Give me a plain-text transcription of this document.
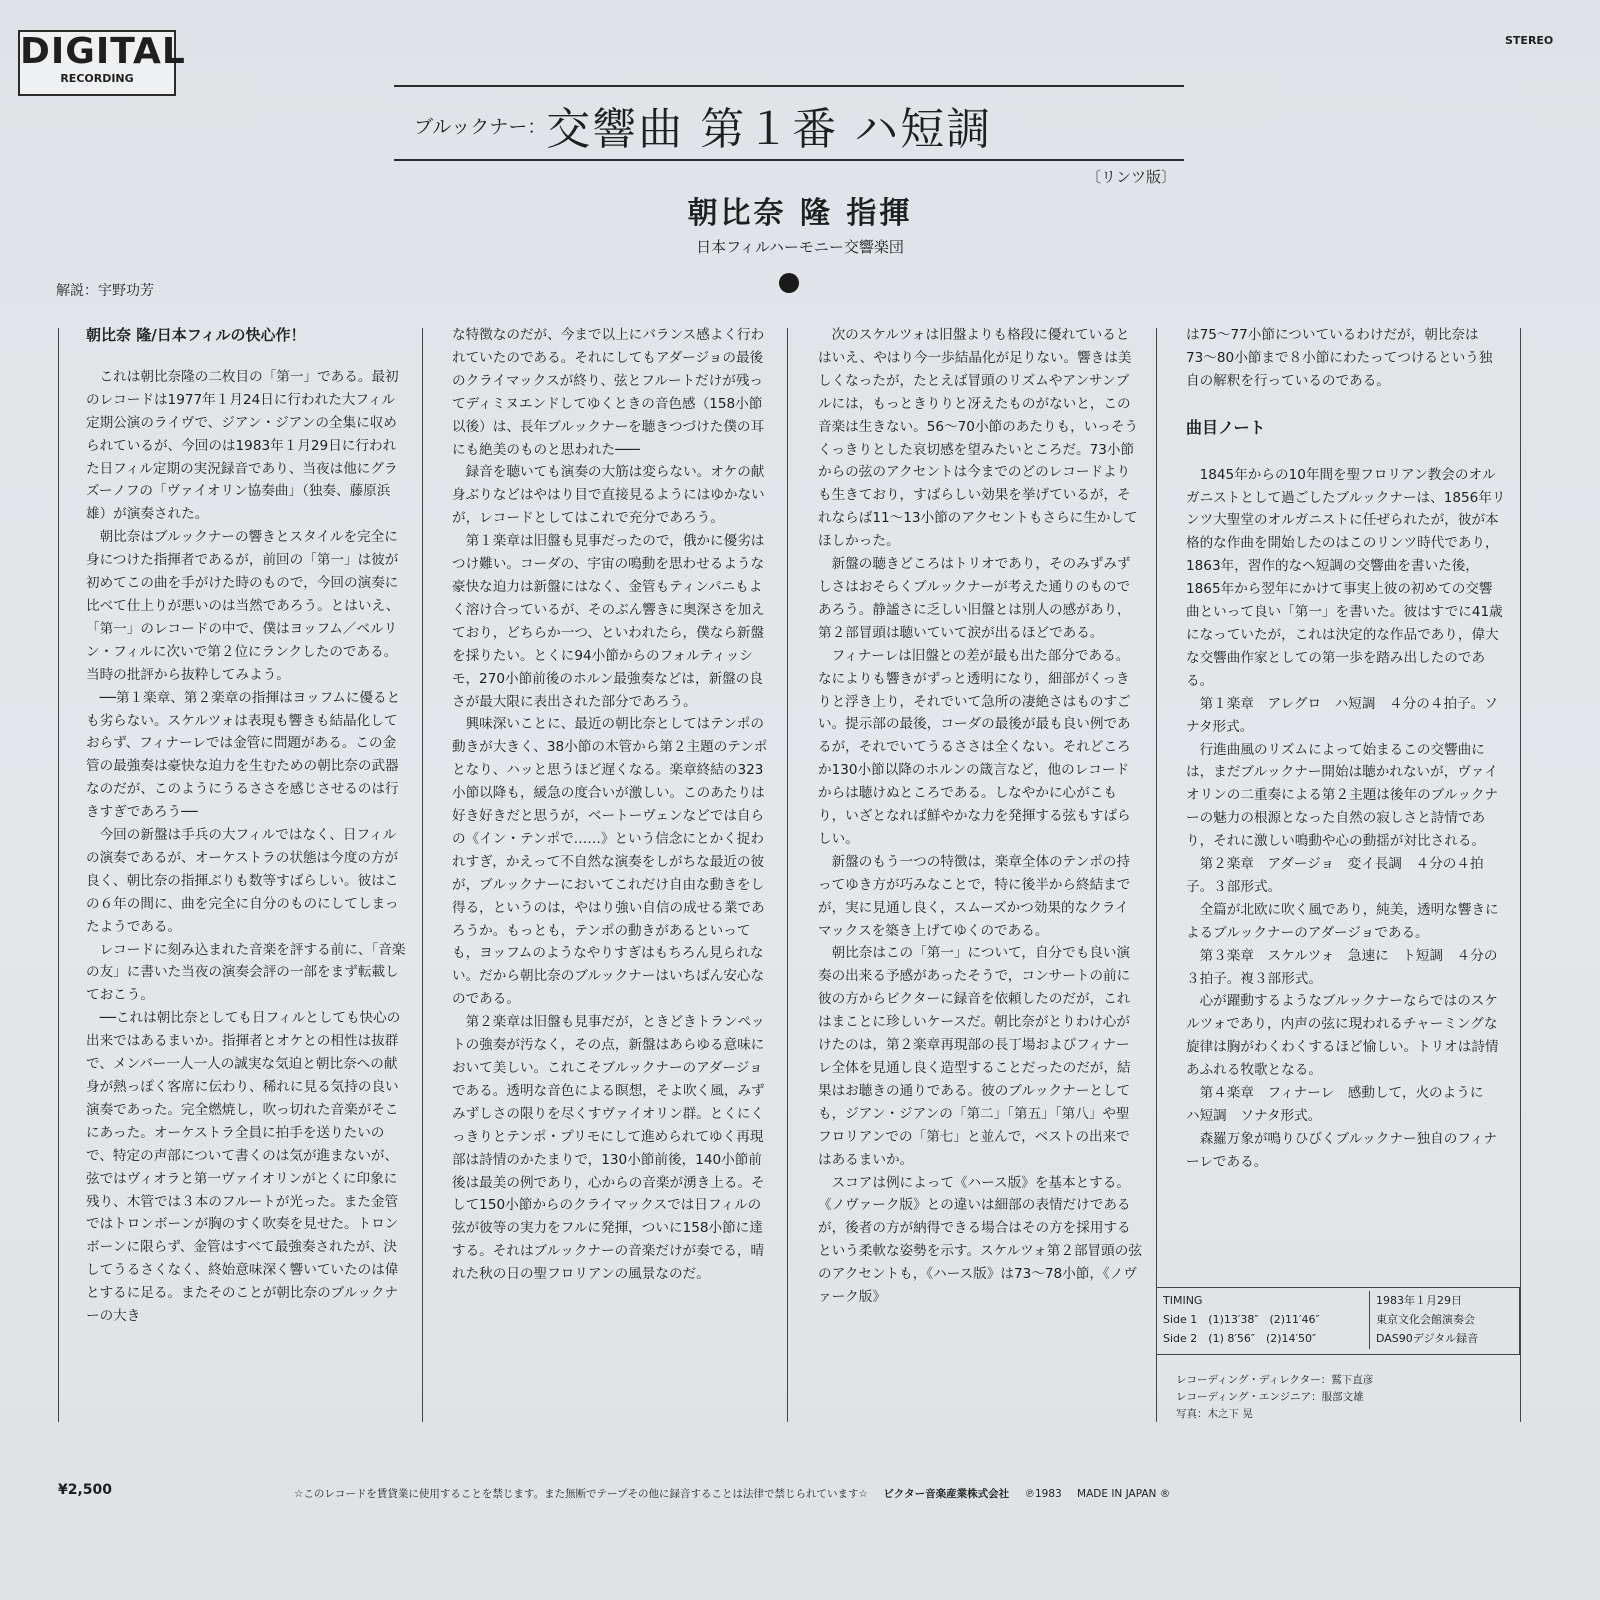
DIGITAL
RECORDING
STEREO
ブルックナー：交響曲 第１番 ハ短調
〔リンツ版〕
朝比奈 隆 指揮
日本フィルハーモニー交響楽団
解説：宇野功芳

朝比奈 隆/日本フィルの快心作！

これは朝比奈隆の二枚目の「第一」である。最初のレコードは1977年１月24日に行われた大フィル定期公演のライヴで、ジアン・ジアンの全集に収められているが、今回のは1983年１月29日に行われた日フィル定期の実況録音であり、当夜は他にグラズーノフの「ヴァイオリン協奏曲」（独奏、藤原浜雄）が演奏された。

朝比奈はブルックナーの響きとスタイルを完全に身につけた指揮者であるが，前回の「第一」は彼が初めてこの曲を手がけた時のもので，今回の演奏に比べて仕上りが悪いのは当然であろう。とはいえ、「第一」のレコードの中で、僕はヨッフム／ベルリン・フィルに次いで第２位にランクしたのである。当時の批評から抜粋してみよう。

──第１楽章、第２楽章の指揮はヨッフムに優るとも劣らない。スケルツォは表現も響きも結晶化しておらず、フィナーレでは金管に問題がある。この金管の最強奏は豪快な迫力を生むための朝比奈の武器なのだが、このようにうるささを感じさせるのは行きすぎであろう──

今回の新盤は手兵の大フィルではなく、日フィルの演奏であるが、オーケストラの状態は今度の方が良く、朝比奈の指揮ぶりも数等すばらしい。彼はこの６年の間に、曲を完全に自分のものにしてしまったようである。

レコードに刻み込まれた音楽を評する前に、「音楽の友」に書いた当夜の演奏会評の一部をまず転載しておこう。

──これは朝比奈としても日フィルとしても快心の出来ではあるまいか。指揮者とオケとの相性は抜群で、メンバー一人一人の誠実な気迫と朝比奈への献身が熱っぽく客席に伝わり、稀れに見る気持の良い演奏であった。完全燃焼し，吹っ切れた音楽がそこにあった。オーケストラ全員に拍手を送りたいので、特定の声部について書くのは気が進まないが、弦ではヴィオラと第一ヴァイオリンがとくに印象に残り、木管では３本のフルートが光った。また金管ではトロンボーンが胸のすく吹奏を見せた。トロンボーンに限らず、金管はすべて最強奏されたが、決してうるさくなく、終始意味深く響いていたのは偉とするに足る。またそのことが朝比奈のブルックナーの大き

な特徴なのだが、今まで以上にバランス感よく行われていたのである。それにしてもアダージョの最後のクライマックスが終り、弦とフルートだけが残ってディミヌエンドしてゆくときの音色感（158小節以後）は、長年ブルックナーを聴きつづけた僕の耳にも絶美のものと思われた───

録音を聴いても演奏の大筋は変らない。オケの献身ぶりなどはやはり目で直接見るようにはゆかないが，レコードとしてはこれで充分であろう。

第１楽章は旧盤も見事だったので，俄かに優劣はつけ難い。コーダの、宇宙の鳴動を思わせるような豪快な迫力は新盤にはなく、金管もティンパニもよく溶け合っているが、そのぶん響きに奥深さを加えており，どちらか一つ、といわれたら，僕なら新盤を採りたい。とくに94小節からのフォルティッシモ，270小節前後のホルン最強奏などは，新盤の良さが最大限に表出された部分であろう。

興味深いことに、最近の朝比奈としてはテンポの動きが大きく、38小節の木管から第２主題のテンポとなり、ハッと思うほど遅くなる。楽章終結の323小節以降も，緩急の度合いが激しい。このあたりは好き好きだと思うが，ベートーヴェンなどでは自らの《イン・テンポで……》という信念にとかく捉われすぎ，かえって不自然な演奏をしがちな最近の彼が，ブルックナーにおいてこれだけ自由な動きをし得る，というのは，やはり強い自信の成せる業であろうか。もっとも，テンポの動きがあるといっても，ヨッフムのようなやりすぎはもちろん見られない。だから朝比奈のブルックナーはいちばん安心なのである。

第２楽章は旧盤も見事だが，ときどきトランペットの強奏が汚なく，その点，新盤はあらゆる意味において美しい。これこそブルックナーのアダージョである。透明な音色による瞑想，そよ吹く風，みずみずしさの限りを尽くすヴァイオリン群。とくにくっきりとテンポ・プリモにして進められてゆく再現部は詩情のかたまりで，130小節前後，140小節前後は最美の例であり，心からの音楽が湧き上る。そして150小節からのクライマックスでは日フィルの弦が彼等の実力をフルに発揮，ついに158小節に達する。それはブルックナーの音楽だけが奏でる，晴れた秋の日の聖フロリアンの風景なのだ。

次のスケルツォは旧盤よりも格段に優れているとはいえ、やはり今一歩結晶化が足りない。響きは美しくなったが，たとえば冒頭のリズムやアンサンブルには，もっときりりと冴えたものがないと，この音楽は生きない。56〜70小節のあたりも，いっそうくっきりとした哀切感を望みたいところだ。73小節からの弦のアクセントは今までのどのレコードよりも生きており，すばらしい効果を挙げているが，それならば11〜13小節のアクセントもさらに生かしてほしかった。

新盤の聴きどころはトリオであり，そのみずみずしさはおそらくブルックナーが考えた通りのものであろう。静謐さに乏しい旧盤とは別人の感があり，第２部冒頭は聴いていて涙が出るほどである。

フィナーレは旧盤との差が最も出た部分である。なによりも響きがずっと透明になり，細部がくっきりと浮き上り，それでいて急所の凄絶さはものすごい。提示部の最後，コーダの最後が最も良い例であるが，それでいてうるささは全くない。それどころか130小節以降のホルンの箴言など，他のレコードからは聴けぬところである。しなやかに心がこもり，いざとなれば鮮やかな力を発揮する弦もすばらしい。

新盤のもう一つの特徴は，楽章全体のテンポの持ってゆき方が巧みなことで，特に後半から終結までが，実に見通し良く，スムーズかつ効果的なクライマックスを築き上げてゆくのである。

朝比奈はこの「第一」について，自分でも良い演奏の出来る予感があったそうで，コンサートの前に彼の方からビクターに録音を依頼したのだが，これはまことに珍しいケースだ。朝比奈がとりわけ心がけたのは，第２楽章再現部の長丁場およびフィナーレ全体を見通し良く造型することだったのだが，結果はお聴きの通りである。彼のブルックナーとしても，ジアン・ジアンの「第二」「第五」「第八」や聖フロリアンでの「第七」と並んで，ベストの出来ではあるまいか。

スコアは例によって《ハース版》を基本とする。《ノヴァーク版》との違いは細部の表情だけであるが，後者の方が納得できる場合はその方を採用するという柔軟な姿勢を示す。スケルツォ第２部冒頭の弦のアクセントも，《ハース版》は73〜78小節，《ノヴァーク版》

は75〜77小節についているわけだが，朝比奈は73〜80小節まで８小節にわたってつけるという独自の解釈を行っているのである。

曲目ノート

1845年からの10年間を聖フロリアン教会のオルガニストとして過ごしたブルックナーは、1856年リンツ大聖堂のオルガニストに任ぜられたが，彼が本格的な作曲を開始したのはこのリンツ時代であり，1863年，習作的なヘ短調の交響曲を書いた後，1865年から翌年にかけて事実上彼の初めての交響曲といって良い「第一」を書いた。彼はすでに41歳になっていたが，これは決定的な作品であり，偉大な交響曲作家としての第一歩を踏み出したのである。

第１楽章　アレグロ　ハ短調　４分の４拍子。ソナタ形式。

行進曲風のリズムによって始まるこの交響曲には，まだブルックナー開始は聴かれないが，ヴァイオリンの二重奏による第２主題は後年のブルックナーの魅力の根源となった自然の寂しさと詩情であり，それに激しい鳴動や心の動揺が対比される。

第２楽章　アダージョ　変イ長調　４分の４拍子。３部形式。

全篇が北欧に吹く風であり，純美，透明な響きによるブルックナーのアダージョである。

第３楽章　スケルツォ　急速に　ト短調　４分の３拍子。複３部形式。

心が躍動するようなブルックナーならではのスケルツォであり，内声の弦に現われるチャーミングな旋律は胸がわくわくするほど愉しい。トリオは詩情あふれる牧歌となる。

第４楽章　フィナーレ　感動して，火のように　ハ短調　ソナタ形式。

森羅万象が鳴りひびくブルックナー独自のフィナーレである。

TIMING
Side 1　(1)13′38″　(2)11′46″
Side 2　(1) 8′56″　(2)14′50″
1983年１月29日
東京文化会館演奏会
DAS90デジタル録音
レコーディング・ディレクター：鷲下直彦
レコーディング・エンジニア：服部文雄
写真：木之下 晃
¥2,500	☆このレコードを賃貸業に使用することを禁じます。また無断でテープその他に録音することは法律で禁じられています☆ ビクター音楽産業株式会社 ℗1983 MADE IN JAPAN ®
